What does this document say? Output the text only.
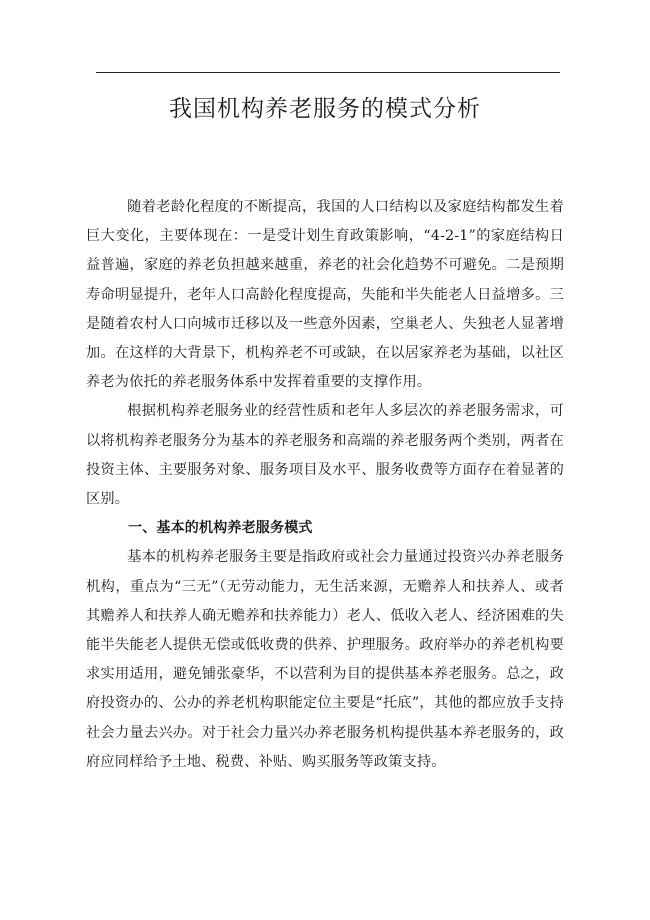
我国机构养老服务的模式分析

随着老龄化程度的不断提高，我国的人口结构以及家庭结构都发生着巨大变化，主要体现在：一是受计划生育政策影响，“4-2-1”的家庭结构日益普遍，家庭的养老负担越来越重，养老的社会化趋势不可避免。二是预期寿命明显提升，老年人口高龄化程度提高，失能和半失能老人日益增多。三是随着农村人口向城市迁移以及一些意外因素，空巢老人、失独老人显著增加。在这样的大背景下，机构养老不可或缺，在以居家养老为基础，以社区养老为依托的养老服务体系中发挥着重要的支撑作用。

根据机构养老服务业的经营性质和老年人多层次的养老服务需求，可以将机构养老服务分为基本的养老服务和高端的养老服务两个类别，两者在投资主体、主要服务对象、服务项目及水平、服务收费等方面存在着显著的区别。

一、基本的机构养老服务模式

基本的机构养老服务主要是指政府或社会力量通过投资兴办养老服务机构，重点为“三无”（无劳动能力，无生活来源，无赡养人和扶养人、或者其赡养人和扶养人确无赡养和扶养能力）老人、低收入老人、经济困难的失能半失能老人提供无偿或低收费的供养、护理服务。政府举办的养老机构要求实用适用，避免铺张豪华，不以营利为目的提供基本养老服务。总之，政府投资办的、公办的养老机构职能定位主要是“托底”，其他的都应放手支持社会力量去兴办。对于社会力量兴办养老服务机构提供基本养老服务的，政府应同样给予土地、税费、补贴、购买服务等政策支持。
